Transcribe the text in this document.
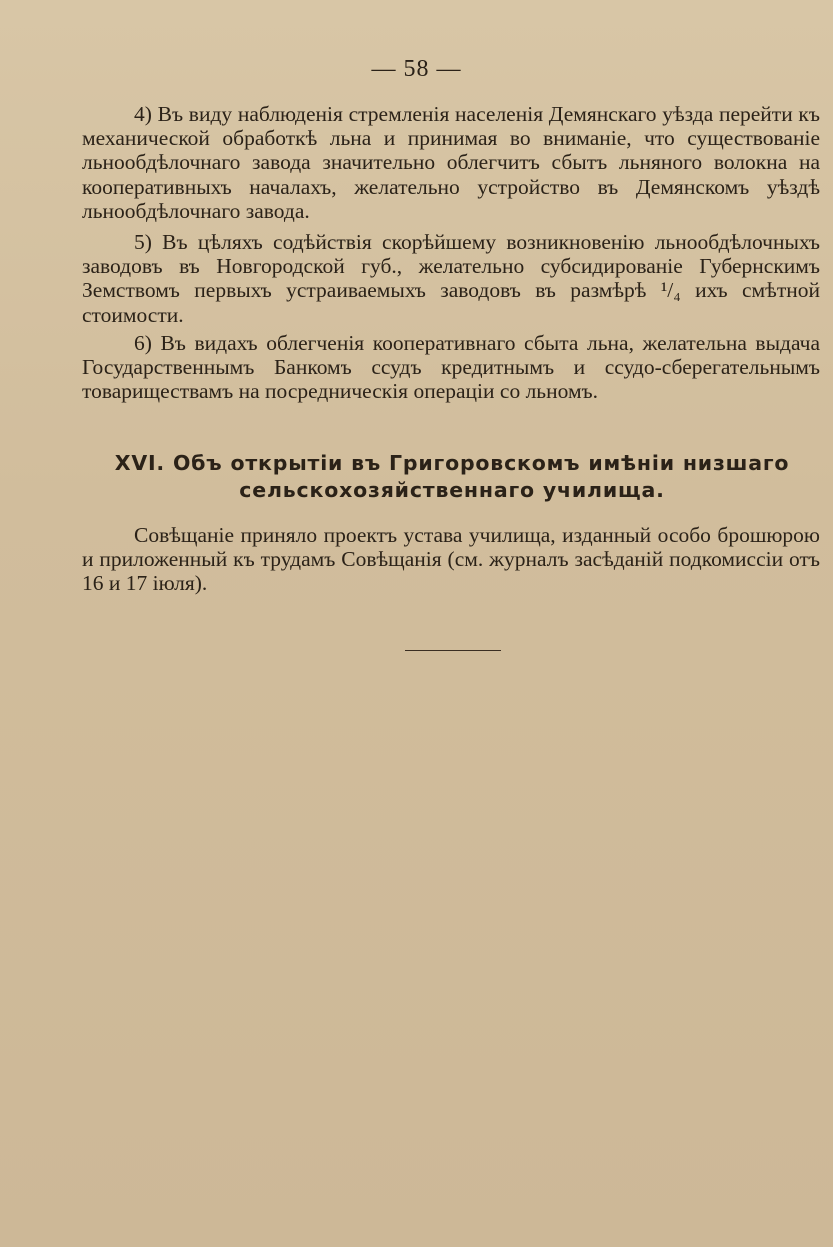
— 58 —

4) Въ виду наблюденія стремленія населенія Демянскаго уѣзда перейти къ механической обработкѣ льна и принимая во вниманіе, что существованіе льнообдѣлочнаго завода значительно облегчитъ сбытъ льняного волокна на кооперативныхъ началахъ, желательно устройство въ Демянскомъ уѣздѣ льнообдѣлочнаго завода.

5) Въ цѣляхъ содѣйствія скорѣйшему возникновенію льнообдѣлочныхъ заводовъ въ Новгородской губ., желательно субсидированіе Губернскимъ Земствомъ первыхъ устраиваемыхъ заводовъ въ размѣрѣ ¹/₄ ихъ смѣтной стоимости.

6) Въ видахъ облегченія кооперативнаго сбыта льна, желательна выдача Государственнымъ Банкомъ ссудъ кредитнымъ и ссудо-сберегательнымъ товариществамъ на посредническія операціи со льномъ.

XVI. Объ открытіи въ Григоровскомъ имѣніи низшаго сельскохозяйственнаго училища.

Совѣщаніе приняло проектъ устава училища, изданный особо брошюрою и приложенный къ трудамъ Совѣщанія (см. журналъ засѣданій подкомиссіи отъ 16 и 17 іюля).
